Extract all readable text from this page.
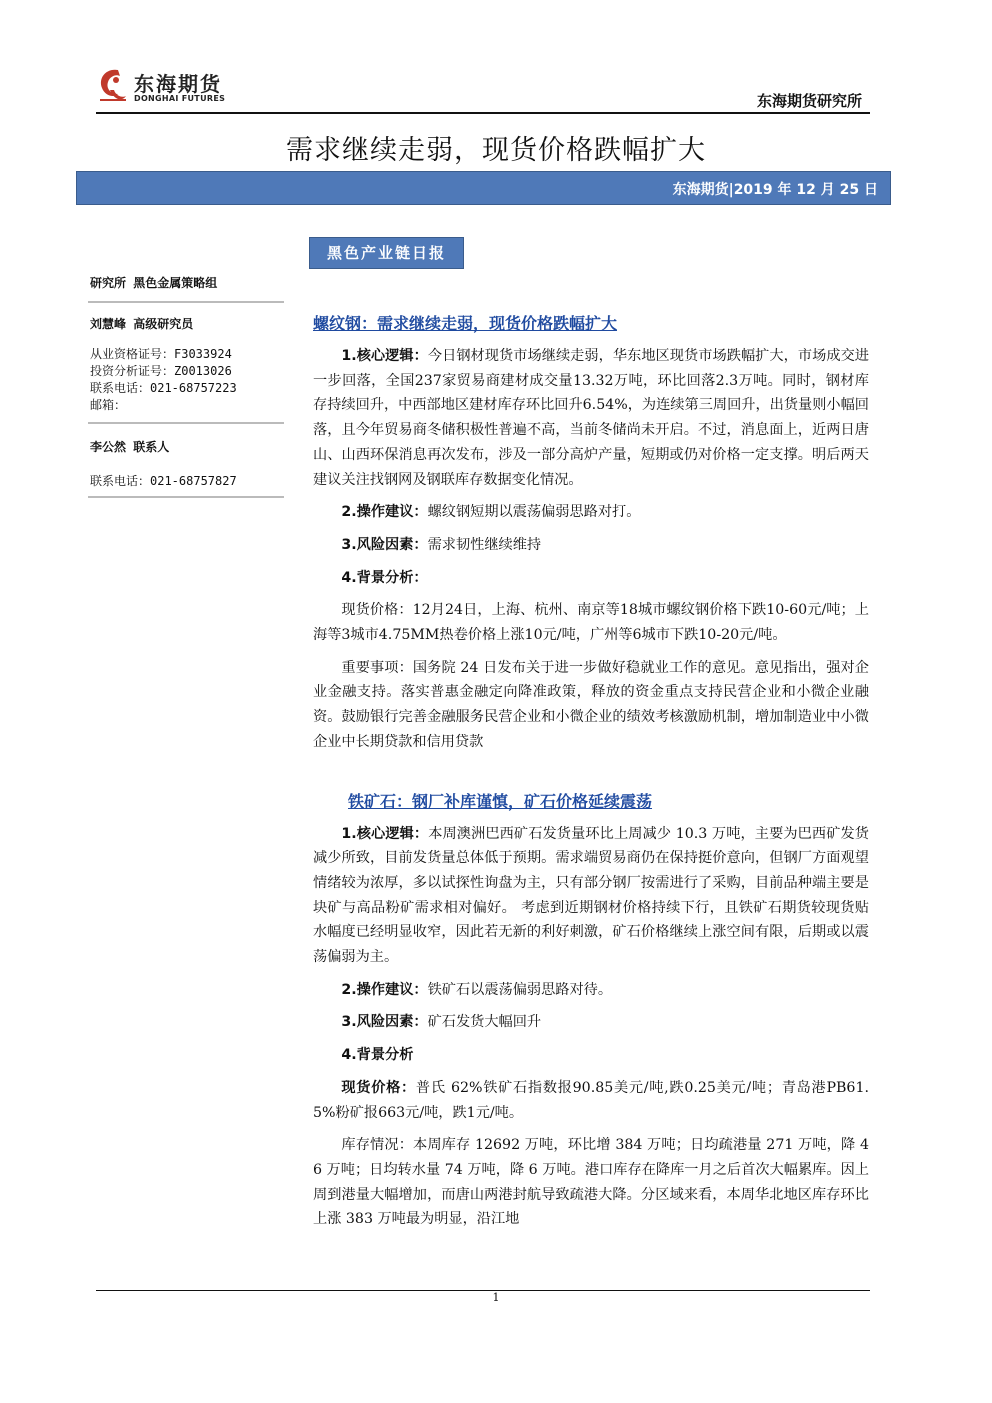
东海期货
DONGHAI FUTURES	东海期货研究所
需求继续走弱，现货价格跌幅扩大
东海期货|2019 年 12 月 25 日
黑色产业链日报
研究所 黑色金属策略组
刘慧峰 高级研究员
从业资格证号：F3033924
投资分析证号：Z0013026
联系电话：021-68757223
邮箱：
李公然 联系人
联系电话：021-68757827
螺纹钢：需求继续走弱，现货价格跌幅扩大

1.核心逻辑：今日钢材现货市场继续走弱，华东地区现货市场跌幅扩大，市场成交进一步回落，全国237家贸易商建材成交量13.32万吨，环比回落2.3万吨。同时，钢材库存持续回升，中西部地区建材库存环比回升6.54%，为连续第三周回升，出货量则小幅回落，且今年贸易商冬储积极性普遍不高，当前冬储尚未开启。不过，消息面上，近两日唐山、山西环保消息再次发布，涉及一部分高炉产量，短期或仍对价格一定支撑。明后两天建议关注找钢网及钢联库存数据变化情况。

2.操作建议：螺纹钢短期以震荡偏弱思路对打。

3.风险因素：需求韧性继续维持

4.背景分析：

现货价格：12月24日，上海、杭州、南京等18城市螺纹钢价格下跌10-60元/吨；上海等3城市4.75MM热卷价格上涨10元/吨，广州等6城市下跌10-20元/吨。

重要事项：国务院 24 日发布关于进一步做好稳就业工作的意见。意见指出，强对企业金融支持。落实普惠金融定向降准政策，释放的资金重点支持民营企业和小微企业融资。鼓励银行完善金融服务民营企业和小微企业的绩效考核激励机制，增加制造业中小微企业中长期贷款和信用贷款

铁矿石：钢厂补库谨慎，矿石价格延续震荡

1.核心逻辑：本周澳洲巴西矿石发货量环比上周减少 10.3 万吨，主要为巴西矿发货减少所致，目前发货量总体低于预期。需求端贸易商仍在保持挺价意向，但钢厂方面观望情绪较为浓厚，多以试探性询盘为主，只有部分钢厂按需进行了采购，目前品种端主要是块矿与高品粉矿需求相对偏好。 考虑到近期钢材价格持续下行，且铁矿石期货较现货贴水幅度已经明显收窄，因此若无新的利好刺激，矿石价格继续上涨空间有限，后期或以震荡偏弱为主。

2.操作建议：铁矿石以震荡偏弱思路对待。

3.风险因素：矿石发货大幅回升

4.背景分析

现货价格：普氏 62%铁矿石指数报90.85美元/吨,跌0.25美元/吨；青岛港PB61.5%粉矿报663元/吨，跌1元/吨。

库存情况：本周库存 12692 万吨，环比增 384 万吨；日均疏港量 271 万吨，降 46 万吨；日均转水量 74 万吨，降 6 万吨。港口库存在降库一月之后首次大幅累库。因上周到港量大幅增加，而唐山两港封航导致疏港大降。分区域来看，本周华北地区库存环比上涨 383 万吨最为明显，沿江地

1
